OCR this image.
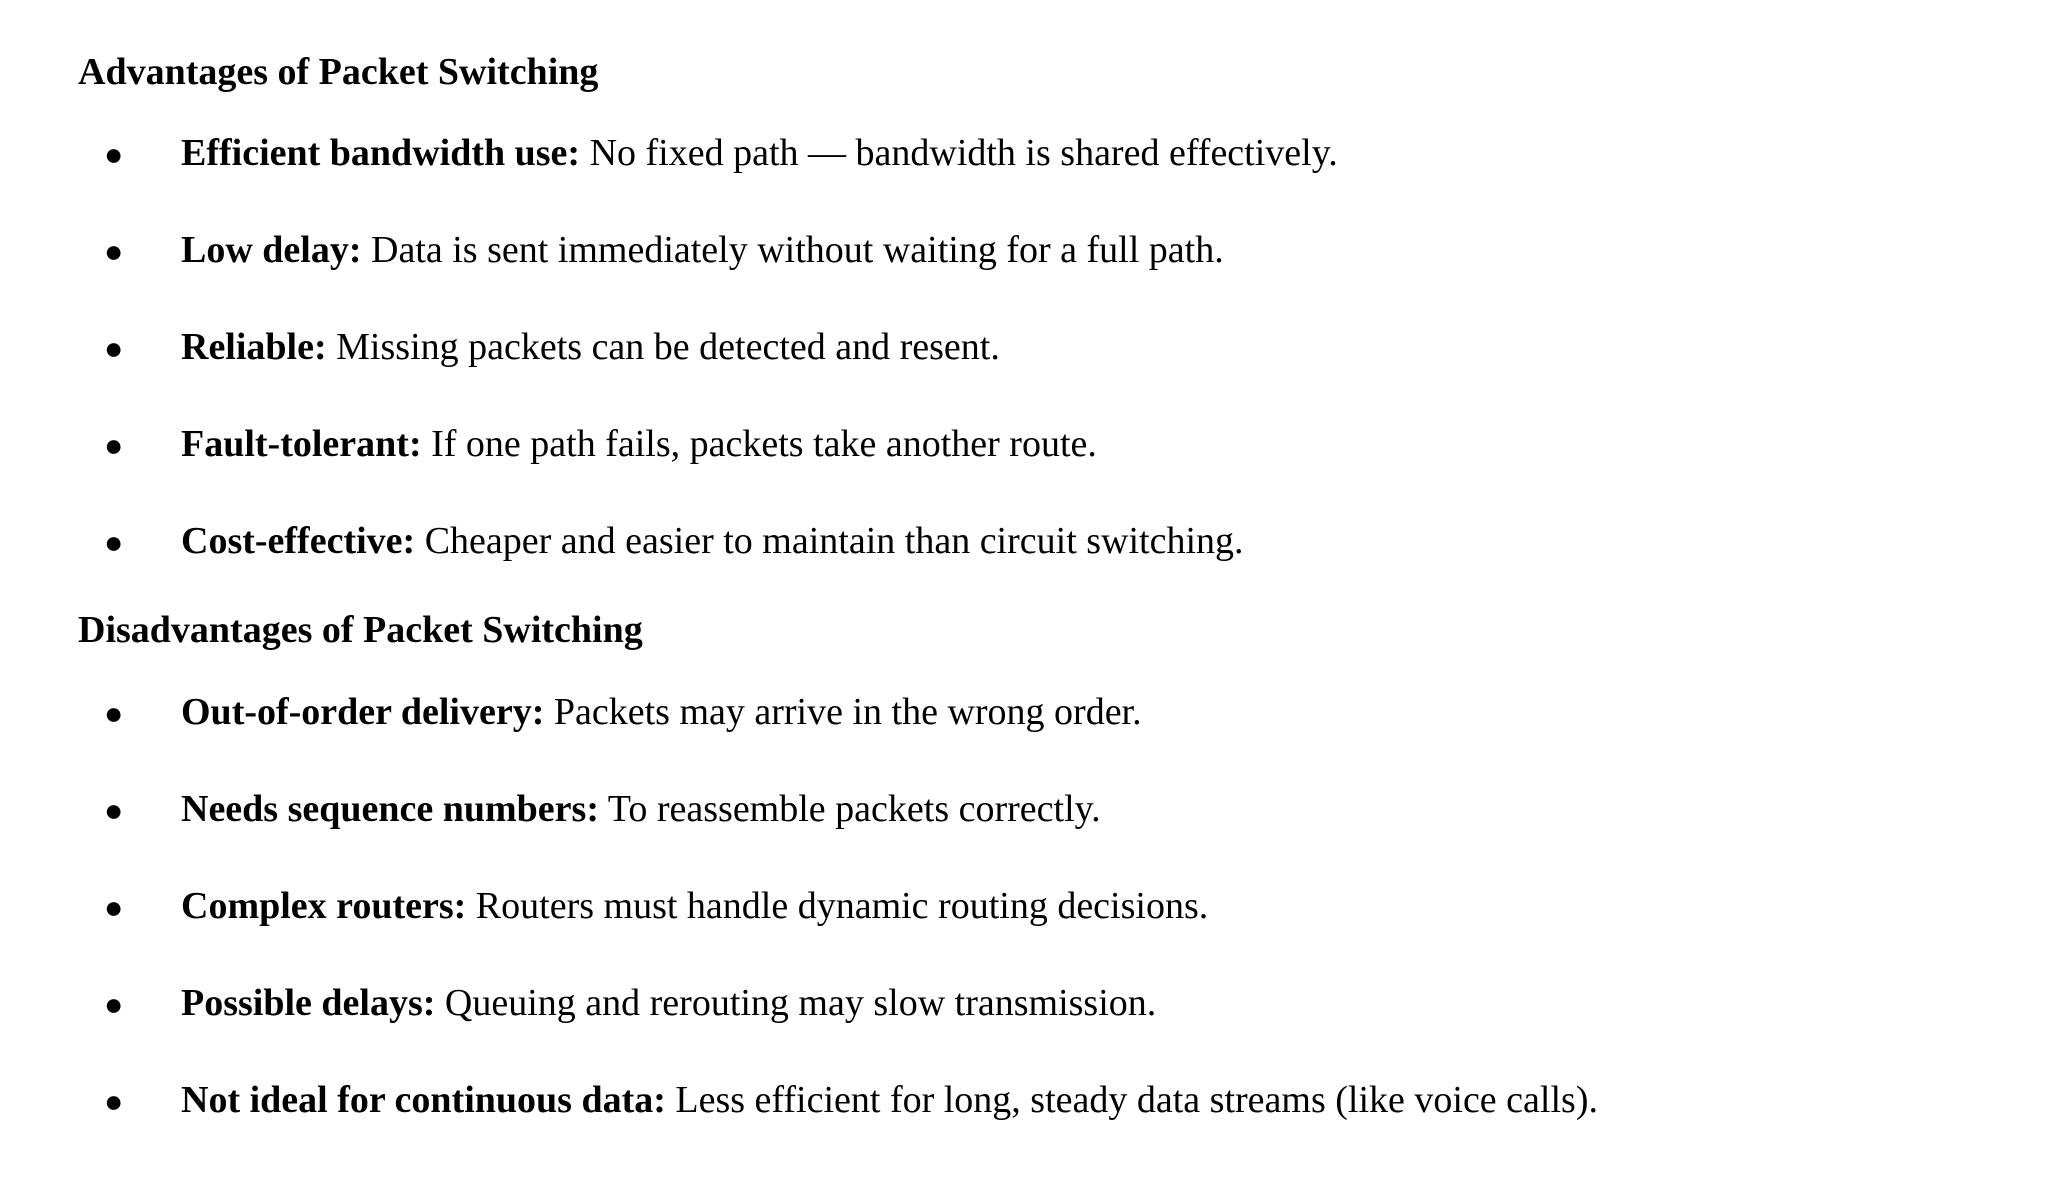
Advantages of Packet Switching
● Efficient bandwidth use: No fixed path — bandwidth is shared effectively.
● Low delay: Data is sent immediately without waiting for a full path.
● Reliable: Missing packets can be detected and resent.
● Fault-tolerant: If one path fails, packets take another route.
● Cost-effective: Cheaper and easier to maintain than circuit switching.
Disadvantages of Packet Switching
● Out-of-order delivery: Packets may arrive in the wrong order.
● Needs sequence numbers: To reassemble packets correctly.
● Complex routers: Routers must handle dynamic routing decisions.
● Possible delays: Queuing and rerouting may slow transmission.
● Not ideal for continuous data: Less efficient for long, steady data streams (like voice calls).
